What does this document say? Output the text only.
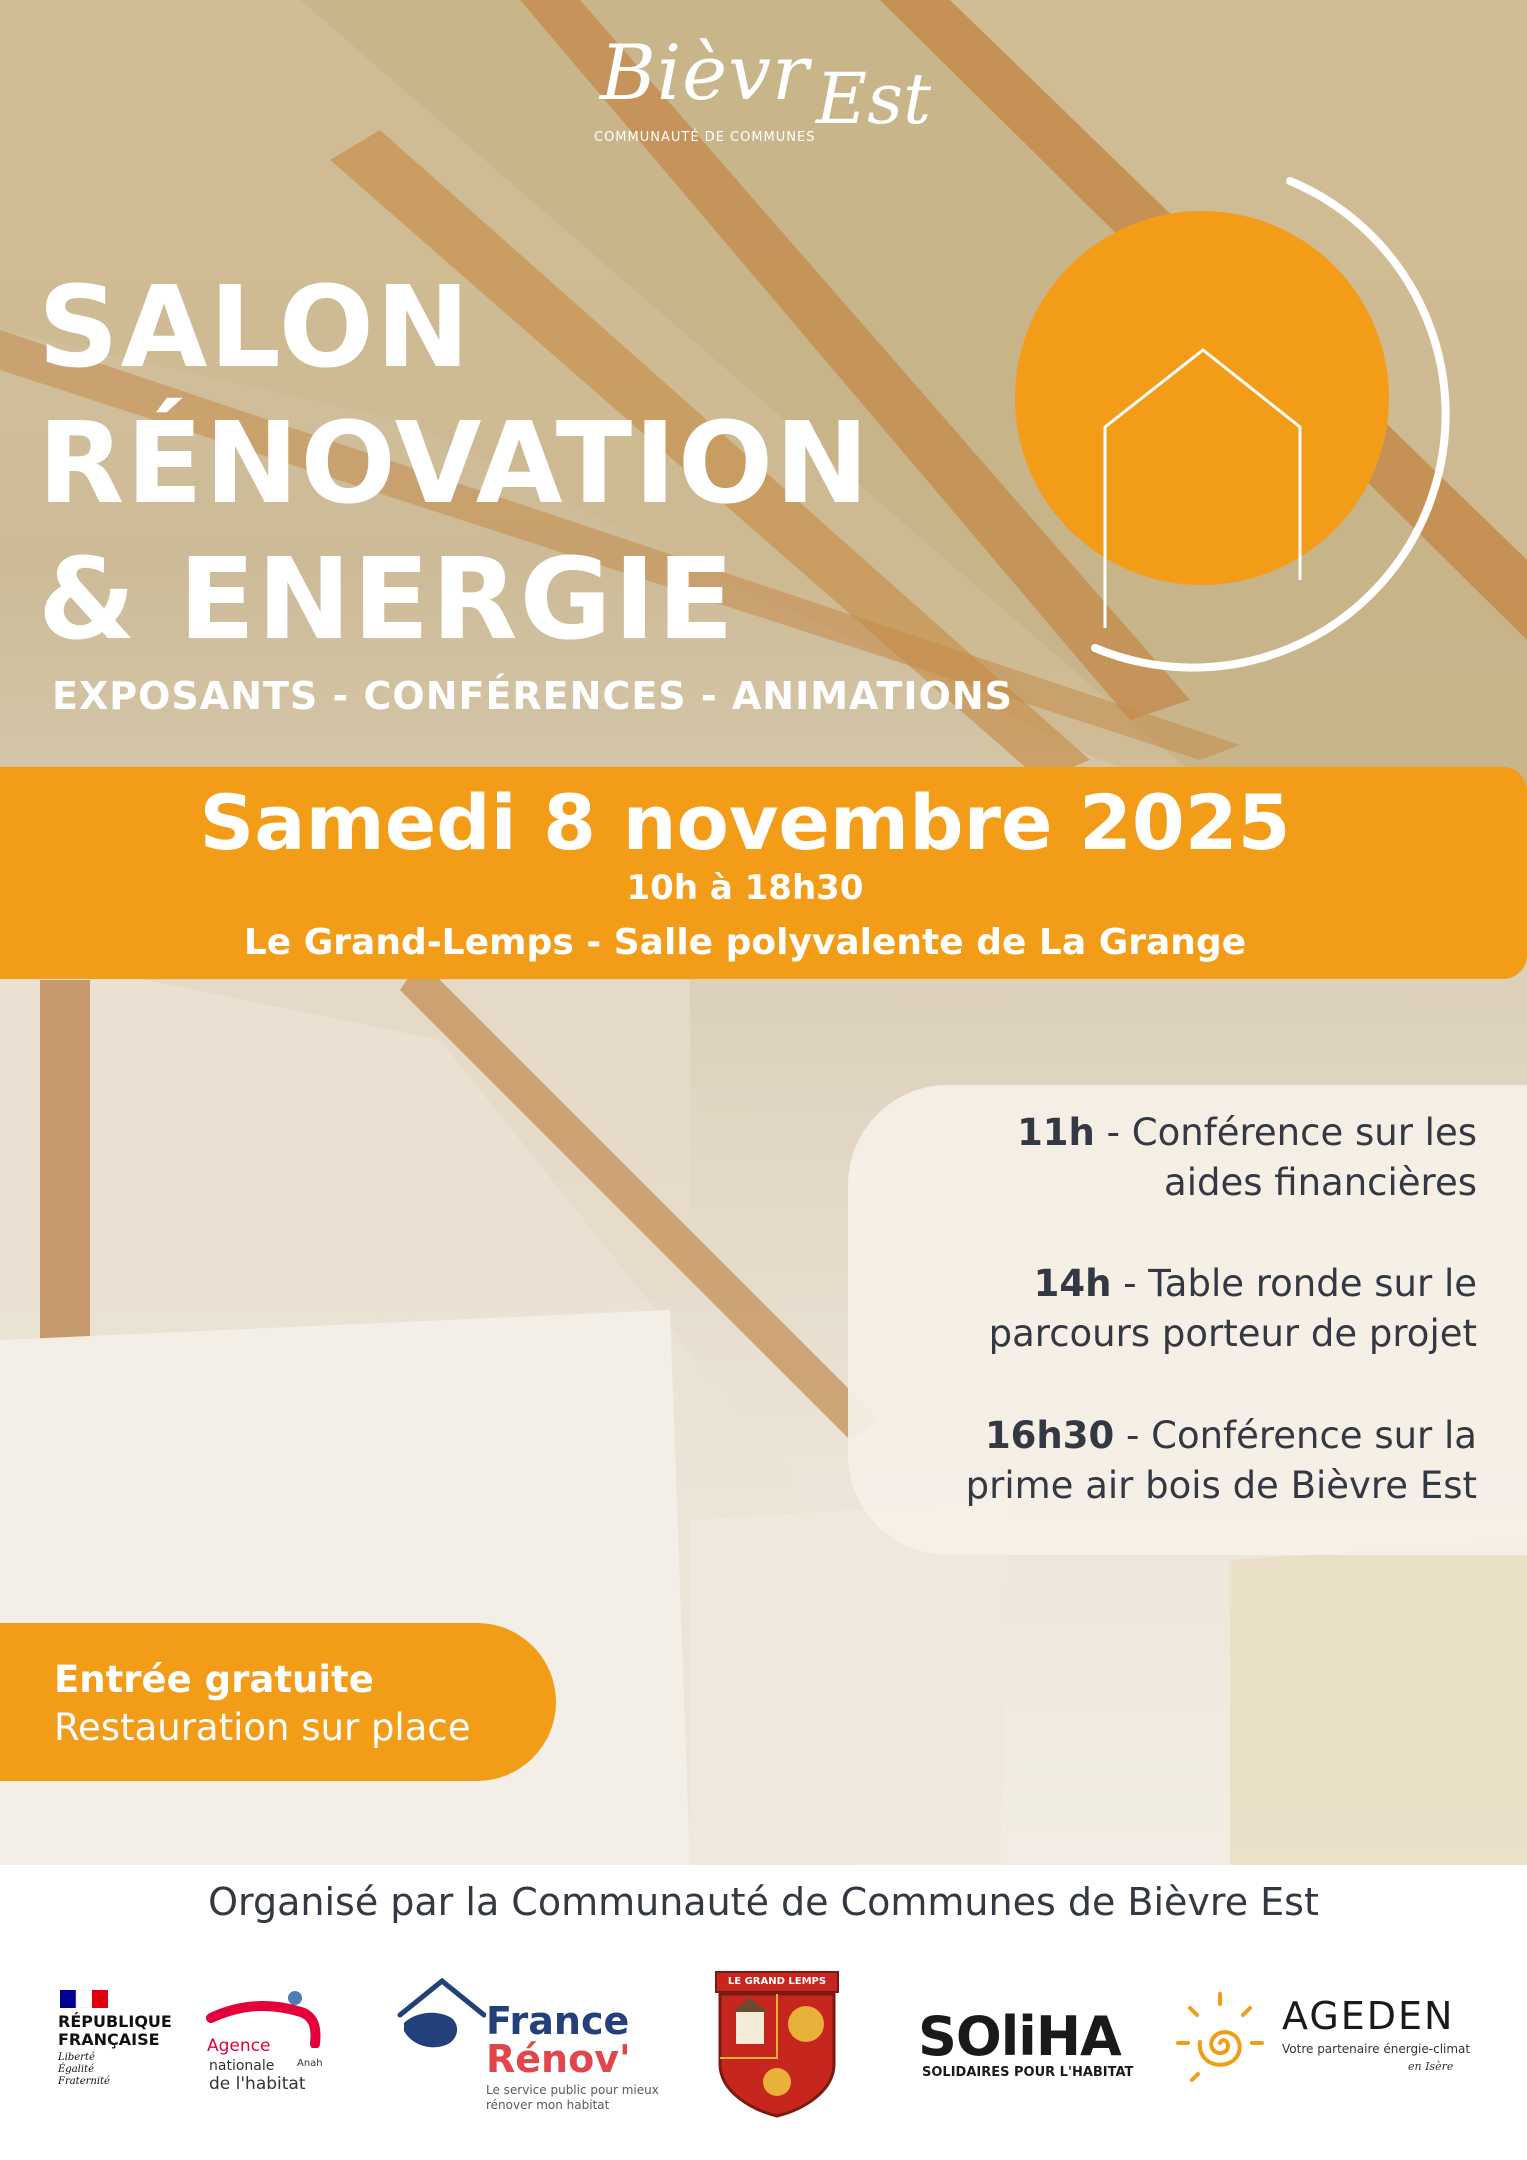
Bièvr Est
COMMUNAUTÉ DE COMMUNES
SALON
RÉNOVATION
& ENERGIE
EXPOSANTS - CONFÉRENCES - ANIMATIONS
Samedi 8 novembre 2025
10h à 18h30
Le Grand-Lemps - Salle polyvalente de La Grange
11h - Conférence sur les
aides financières
14h - Table ronde sur le
parcours porteur de projet
16h30 - Conférence sur la
prime air bois de Bièvre Est
Entrée gratuite
Restauration sur place
Organisé par la Communauté de Communes de Bièvre Est
RÉPUBLIQUE
FRANÇAISE
Liberté
Égalité
Fraternité
Agence
nationale
de l'habitat
Anah
France
Rénov'
Le service public pour mieux rénover mon habitat
LE GRAND LEMPS
SOliHA
SOLIDAIRES POUR L'HABITAT
AGEDEN
Votre partenaire énergie-climat
en Isère
